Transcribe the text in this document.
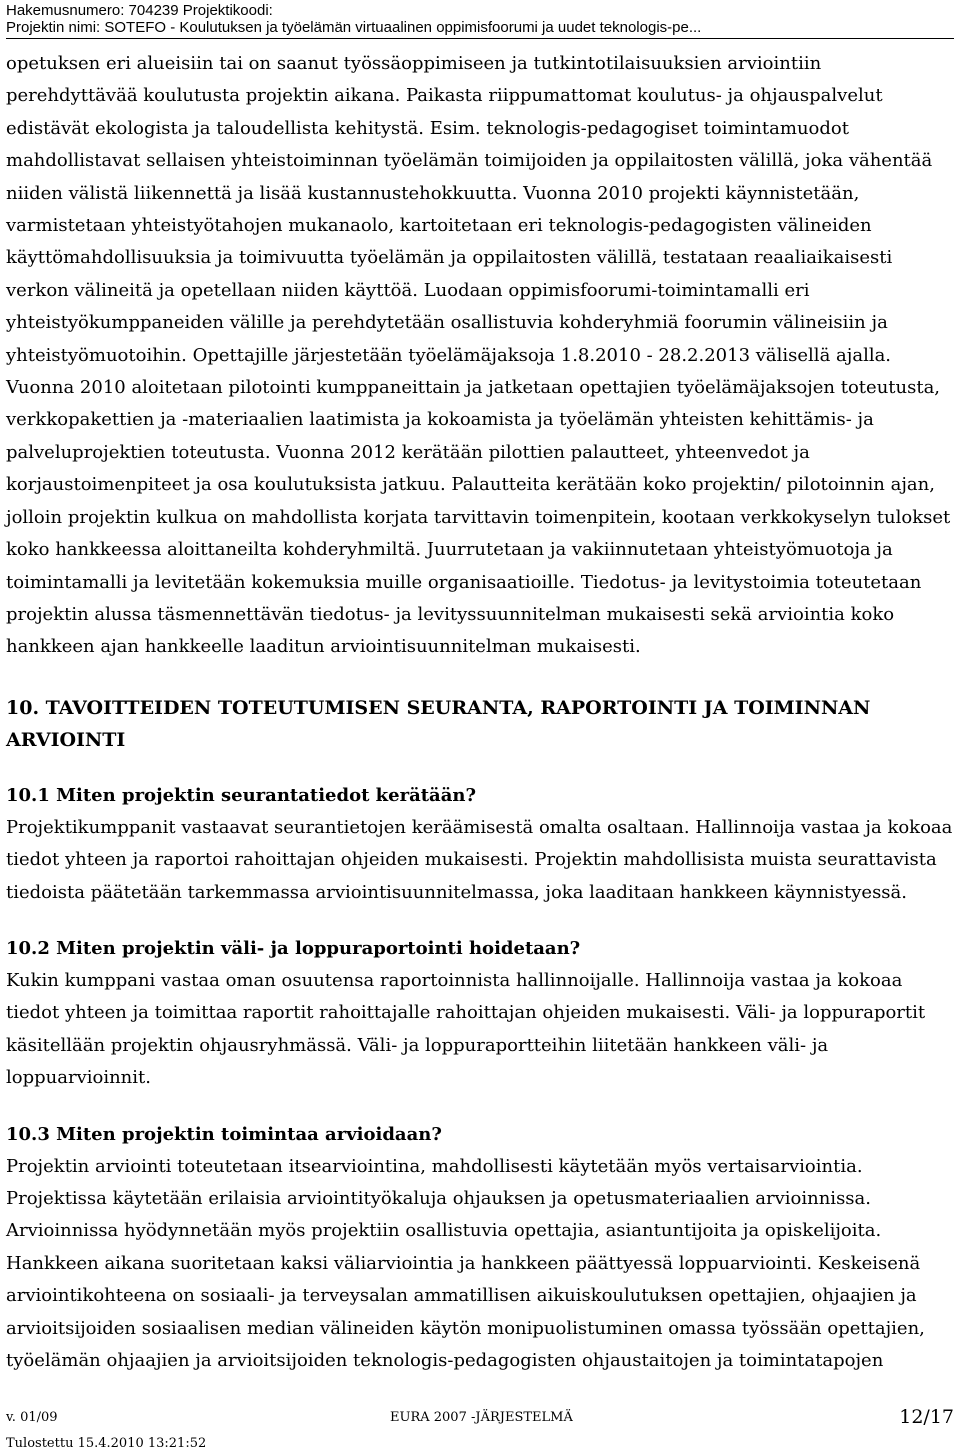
Hakemusnumero: 704239 Projektikoodi:
Projektin nimi: SOTEFO - Koulutuksen ja työelämän virtuaalinen oppimisfoorumi ja uudet teknologis-pe...

opetuksen eri alueisiin tai on saanut työssäoppimiseen ja tutkintotilaisuuksien arviointiin perehdyttävää koulutusta projektin aikana. Paikasta riippumattomat koulutus- ja ohjauspalvelut edistävät ekologista ja taloudellista kehitystä. Esim. teknologis-pedagogiset toimintamuodot mahdollistavat sellaisen yhteistoiminnan työelämän toimijoiden ja oppilaitosten välillä, joka vähentää niiden välistä liikennettä ja lisää kustannustehokkuutta. Vuonna 2010 projekti käynnistetään, varmistetaan yhteistyötahojen mukanaolo, kartoitetaan eri teknologis-pedagogisten välineiden käyttömahdollisuuksia ja toimivuutta työelämän ja oppilaitosten välillä, testataan reaaliaikaisesti verkon välineitä ja opetellaan niiden käyttöä. Luodaan oppimisfoorumi-toimintamalli eri yhteistyökumppaneiden välille ja perehdytetään osallistuvia kohderyhmiä foorumin välineisiin ja yhteistyömuotoihin. Opettajille järjestetään työelämäjaksoja 1.8.2010 - 28.2.2013 välisellä ajalla. Vuonna 2010 aloitetaan pilotointi kumppaneittain ja jatketaan opettajien työelämäjaksojen toteutusta, verkkopakettien ja -materiaalien laatimista ja kokoamista ja työelämän yhteisten kehittämis- ja palveluprojektien toteutusta. Vuonna 2012 kerätään pilottien palautteet, yhteenvedot ja korjaustoimenpiteet ja osa koulutuksista jatkuu. Palautteita kerätään koko projektin/ pilotoinnin ajan, jolloin projektin kulkua on mahdollista korjata tarvittavin toimenpitein, kootaan verkkokyselyn tulokset koko hankkeessa aloittaneilta kohderyhmiltä. Juurrutetaan ja vakiinnutetaan yhteistyömuotoja ja toimintamalli ja levitetään kokemuksia muille organisaatioille. Tiedotus- ja levitystoimia toteutetaan projektin alussa täsmennettävän tiedotus- ja levityssuunnitelman mukaisesti sekä arviointia koko hankkeen ajan hankkeelle laaditun arviointisuunnitelman mukaisesti.

10. TAVOITTEIDEN TOTEUTUMISEN SEURANTA, RAPORTOINTI JA TOIMINNAN ARVIOINTI
10.1 Miten projektin seurantatiedot kerätään?

Projektikumppanit vastaavat seurantietojen keräämisestä omalta osaltaan. Hallinnoija vastaa ja kokoaa tiedot yhteen ja raportoi rahoittajan ohjeiden mukaisesti. Projektin mahdollisista muista seurattavista tiedoista päätetään tarkemmassa arviointisuunnitelmassa, joka laaditaan hankkeen käynnistyessä.

10.2 Miten projektin väli- ja loppuraportointi hoidetaan?

Kukin kumppani vastaa oman osuutensa raportoinnista hallinnoijalle. Hallinnoija vastaa ja kokoaa tiedot yhteen ja toimittaa raportit rahoittajalle rahoittajan ohjeiden mukaisesti. Väli- ja loppuraportit käsitellään projektin ohjausryhmässä. Väli- ja loppuraportteihin liitetään hankkeen väli- ja loppuarvioinnit.

10.3 Miten projektin toimintaa arvioidaan?

Projektin arviointi toteutetaan itsearviointina, mahdollisesti käytetään myös vertaisarviointia. Projektissa käytetään erilaisia arviointityökaluja ohjauksen ja opetusmateriaalien arvioinnissa. Arvioinnissa hyödynnetään myös projektiin osallistuvia opettajia, asiantuntijoita ja opiskelijoita.

Hankkeen aikana suoritetaan kaksi väliarviointia ja hankkeen päättyessä loppuarviointi. Keskeisenä arviointikohteena on sosiaali- ja terveysalan ammatillisen aikuiskoulutuksen opettajien, ohjaajien ja arvioitsijoiden sosiaalisen median välineiden käytön monipuolistuminen omassa työssään opettajien, työelämän ohjaajien ja arvioitsijoiden teknologis-pedagogisten ohjaustaitojen ja toimintatapojen

v. 01/09	EURA 2007 -JÄRJESTELMÄ	12/17
Tulostettu 15.4.2010 13:21:52
